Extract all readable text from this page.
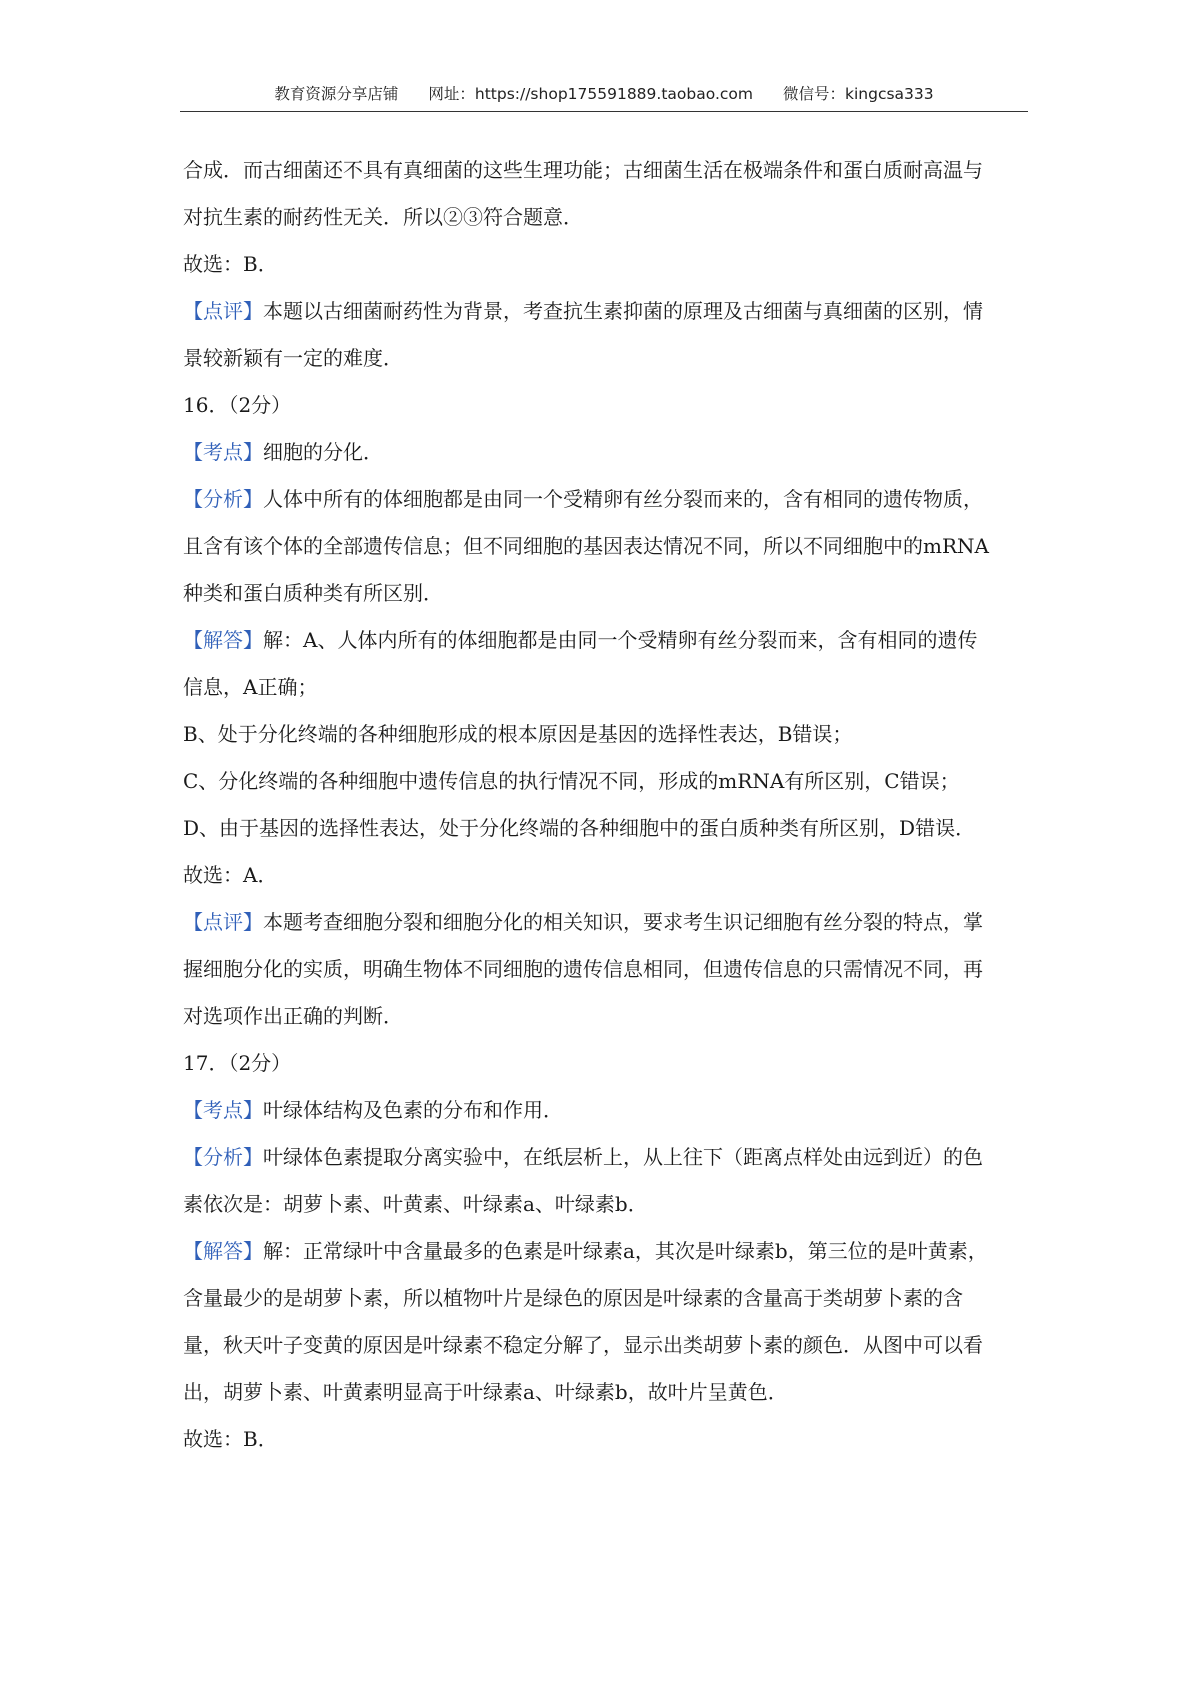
教育资源分享店铺 网址：https://shop175591889.taobao.com 微信号：kingcsa333
合成．而古细菌还不具有真细菌的这些生理功能；古细菌生活在极端条件和蛋白质耐高温与
对抗生素的耐药性无关．所以②③符合题意．
故选：B．
【点评】本题以古细菌耐药性为背景，考查抗生素抑菌的原理及古细菌与真细菌的区别，情
景较新颖有一定的难度．
16．（2分）
【考点】细胞的分化．
【分析】人体中所有的体细胞都是由同一个受精卵有丝分裂而来的，含有相同的遗传物质，
且含有该个体的全部遗传信息；但不同细胞的基因表达情况不同，所以不同细胞中的mRNA
种类和蛋白质种类有所区别．
【解答】解：A、人体内所有的体细胞都是由同一个受精卵有丝分裂而来，含有相同的遗传
信息，A正确；
B、处于分化终端的各种细胞形成的根本原因是基因的选择性表达，B错误；
C、分化终端的各种细胞中遗传信息的执行情况不同，形成的mRNA有所区别，C错误；
D、由于基因的选择性表达，处于分化终端的各种细胞中的蛋白质种类有所区别，D错误．
故选：A．
【点评】本题考查细胞分裂和细胞分化的相关知识，要求考生识记细胞有丝分裂的特点，掌
握细胞分化的实质，明确生物体不同细胞的遗传信息相同，但遗传信息的只需情况不同，再
对选项作出正确的判断．
17．（2分）
【考点】叶绿体结构及色素的分布和作用．
【分析】叶绿体色素提取分离实验中，在纸层析上，从上往下（距离点样处由远到近）的色
素依次是：胡萝卜素、叶黄素、叶绿素a、叶绿素b．
【解答】解：正常绿叶中含量最多的色素是叶绿素a，其次是叶绿素b，第三位的是叶黄素，
含量最少的是胡萝卜素，所以植物叶片是绿色的原因是叶绿素的含量高于类胡萝卜素的含
量，秋天叶子变黄的原因是叶绿素不稳定分解了，显示出类胡萝卜素的颜色．从图中可以看
出，胡萝卜素、叶黄素明显高于叶绿素a、叶绿素b，故叶片呈黄色．
故选：B．
